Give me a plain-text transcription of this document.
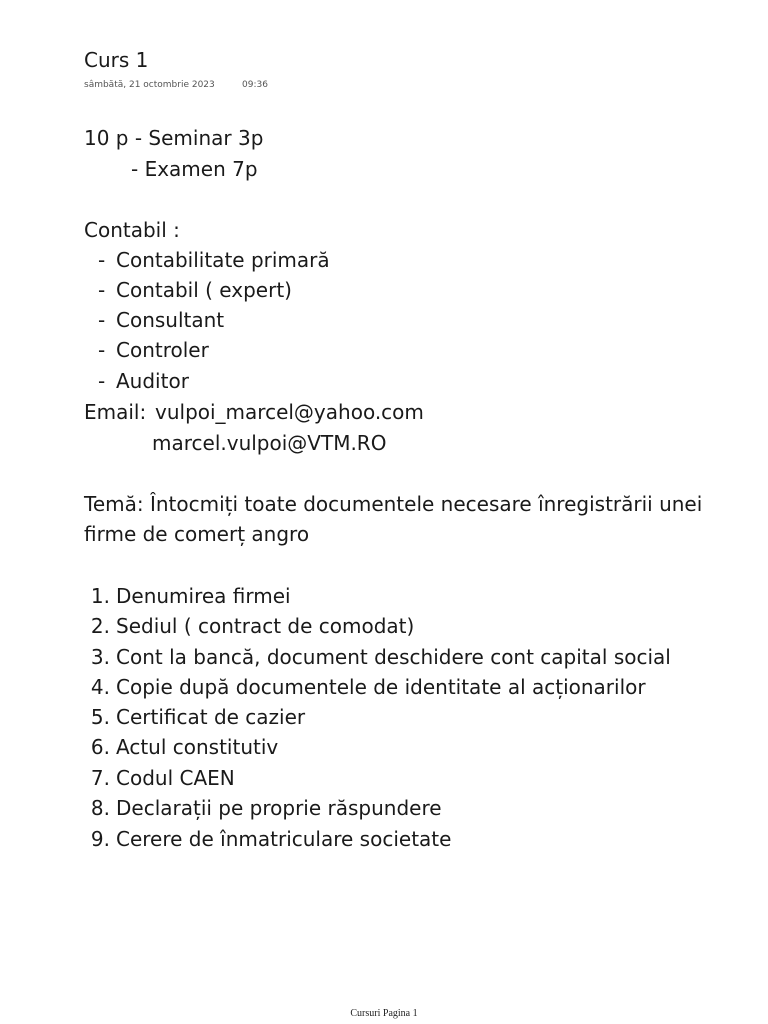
Curs 1
sâmbătă, 21 octombrie 2023	09:36
10 p - Seminar 3p
- Examen 7p
Contabil :
- Contabilitate primară
- Contabil ( expert)
- Consultant
- Controler
- Auditor
Email: vulpoi_marcel@yahoo.com
marcel.vulpoi@VTM.RO
Temă: Întocmiți toate documentele necesare înregistrării unei
firme de comerț angro
1. Denumirea firmei
2. Sediul ( contract de comodat)
3. Cont la bancă, document deschidere cont capital social
4. Copie după documentele de identitate al acționarilor
5. Certificat de cazier
6. Actul constitutiv
7. Codul CAEN
8. Declarații pe proprie răspundere
9. Cerere de înmatriculare societate
Cursuri Pagina 1
